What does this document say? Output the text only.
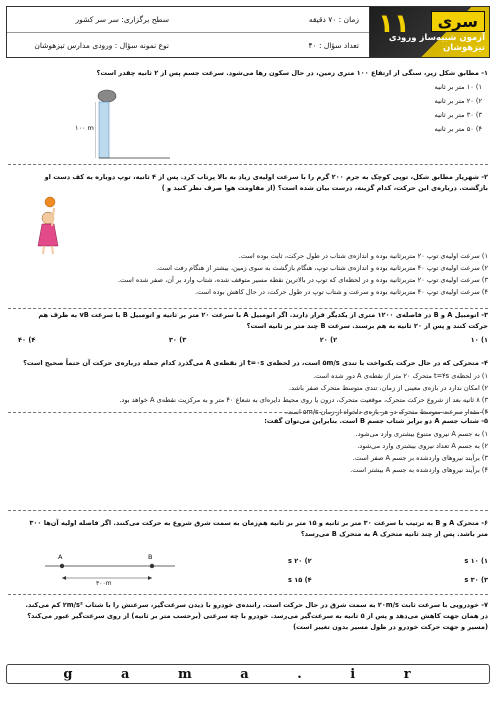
سری
۱۱
آزمون شبیه‌ساز ورودی تیزهوشان
زمان : ۷۰ دقیقه
سطح برگزاری: سر سر کشور
تعداد سؤال : ۴۰
نوع نمونه سؤال : ورودی مدارس تیزهوشان
۱- مطابق شکل زیر، سنگی از ارتفاع ۱۰۰ متری زمین، در حال سکون رها می‌شود. سرعت جسم پس از ۲ ثانیه چقدر است؟
۱) ۱۰ متر بر ثانیه
۲) ۲۰ متر بر ثانیه
۳) ۳۰ متر بر ثانیه
۴) ۵۰ متر بر ثانیه
۱۰۰ m
۲- شهریار مطابق شکل، توپی کوچک به جرم ۲۰۰ گرم را با سرعت اولیه‌ی زیاد به بالا پرتاب کرد. پس از ۴ ثانیه، توپ دوباره به کف دست او بازگشت. درباره‌ی این حرکت، کدام گزینه، درست بیان شده است؟ (از مقاومت هوا صرف نظر کنید و )
۱) سرعت اولیه‌ی توپ ۲۰ متربرثانیه بوده و اندازه‌ی شتاب در طول حرکت، ثابت بوده است.
۲) سرعت اولیه‌ی توپ ۴۰ متربرثانیه بوده و اندازه‌ی شتاب توپ، هنگام بازگشت به سوی زمین، بیشتر از هنگام رفت است.
۳) سرعت اولیه‌ی توپ ۲۰ متربرثانیه بوده و در لحظه‌ای که توپ در بالاترین نقطه مسیر متوقف شده، شتاب وارد بر آن، صفر شده است.
۴) سرعت اولیه‌ی توپ ۴۰ متربرثانیه بوده و سرعت و شتاب توپ در طول حرکت، در حال کاهش بوده است.
۳- اتومبیل A و B در فاصله‌ی ۱۲۰۰ متری از یکدیگر قرار دارند. اگر اتومبیل A با سرعت ۲۰ متر بر ثانیه و اتومبیل B با سرعت vB به طرف هم حرکت کنند و پس از ۲۰ ثانیه به هم برسند. سرعت B چند متر بر ثانیه است؟
۱) ۱۰
۲) ۲۰
۳) ۳۰
۴) ۴۰
۴- متحرکی که در حال حرکت یکنواخت با تندی ۵m/s است، در لحظه‌ی t=۰s از نقطه‌ی A می‌گذرد کدام جمله درباره‌ی حرکت آن حتماً صحیح است؟
۱) در لحظه‌ی t=۴s متحرک ۲۰ متر از نقطه‌ی A دور شده است.
۲) امکان ندارد در بازه‌ی معینی از زمان، تندی متوسط متحرک صفر باشد.
۳) ۸ ثانیه بعد از شروع حرکت متحرک، موقعیت متحرک، درون یا روی محیط دایره‌ای به شعاع ۴۰ متر و به مرکزیت نقطه‌ی A خواهد بود.
۴) مقدار سرعت متوسط متحرک در هر بازه‌ی دلخواه از زمان ۵m/s است.
۵- شتاب جسم A دو برابر شتاب جسم B است. بنابراین می‌توان گفت:
۱) به جسم A نیروی متنوع بیشتری وارد می‌شود.
۲) به جسم A تعداد نیروی بیشتری وارد می‌شود.
۳) برآیند نیروهای واردشده بر جسم A صفر است.
۴) برآیند نیروهای واردشده به جسم A بیشتر است.
۶- متحرک A و B به ترتیب با سرعت ۳۰ متر بر ثانیه و ۱۵ متر بر ثانیه هم‌زمان به سمت شرق شروع به حرکت می‌کنند. اگر فاصله اولیه آن‌ها ۳۰۰ متر باشد. پس از چند ثانیه متحرک A به متحرک B می‌رسد؟
۱) ۱۰ s
۲) ۲۰ s
۳) ۳۰ s
۴) ۱۵ s
A	B
۳۰۰m
۷- خودرویی با سرعت ثابت ۲۰m/s به سمت شرق در حال حرکت است. راننده‌ی خودرو با دیدن سرعت‌گیر، سرعتش را با شتاب ۲m/s² کم می‌کند. در همان جهت کاهش می‌دهد و پس از ۵ ثانیه به سرعت‌گیر می‌رسد. خودرو با چه سرعتی (برحسب متر بر ثانیه) از روی سرعت‌گیر عبور می‌کند؟ (مسیر و جهت حرکت خودرو در طول مسیر بدون تغییر است)
g a m a . i r
